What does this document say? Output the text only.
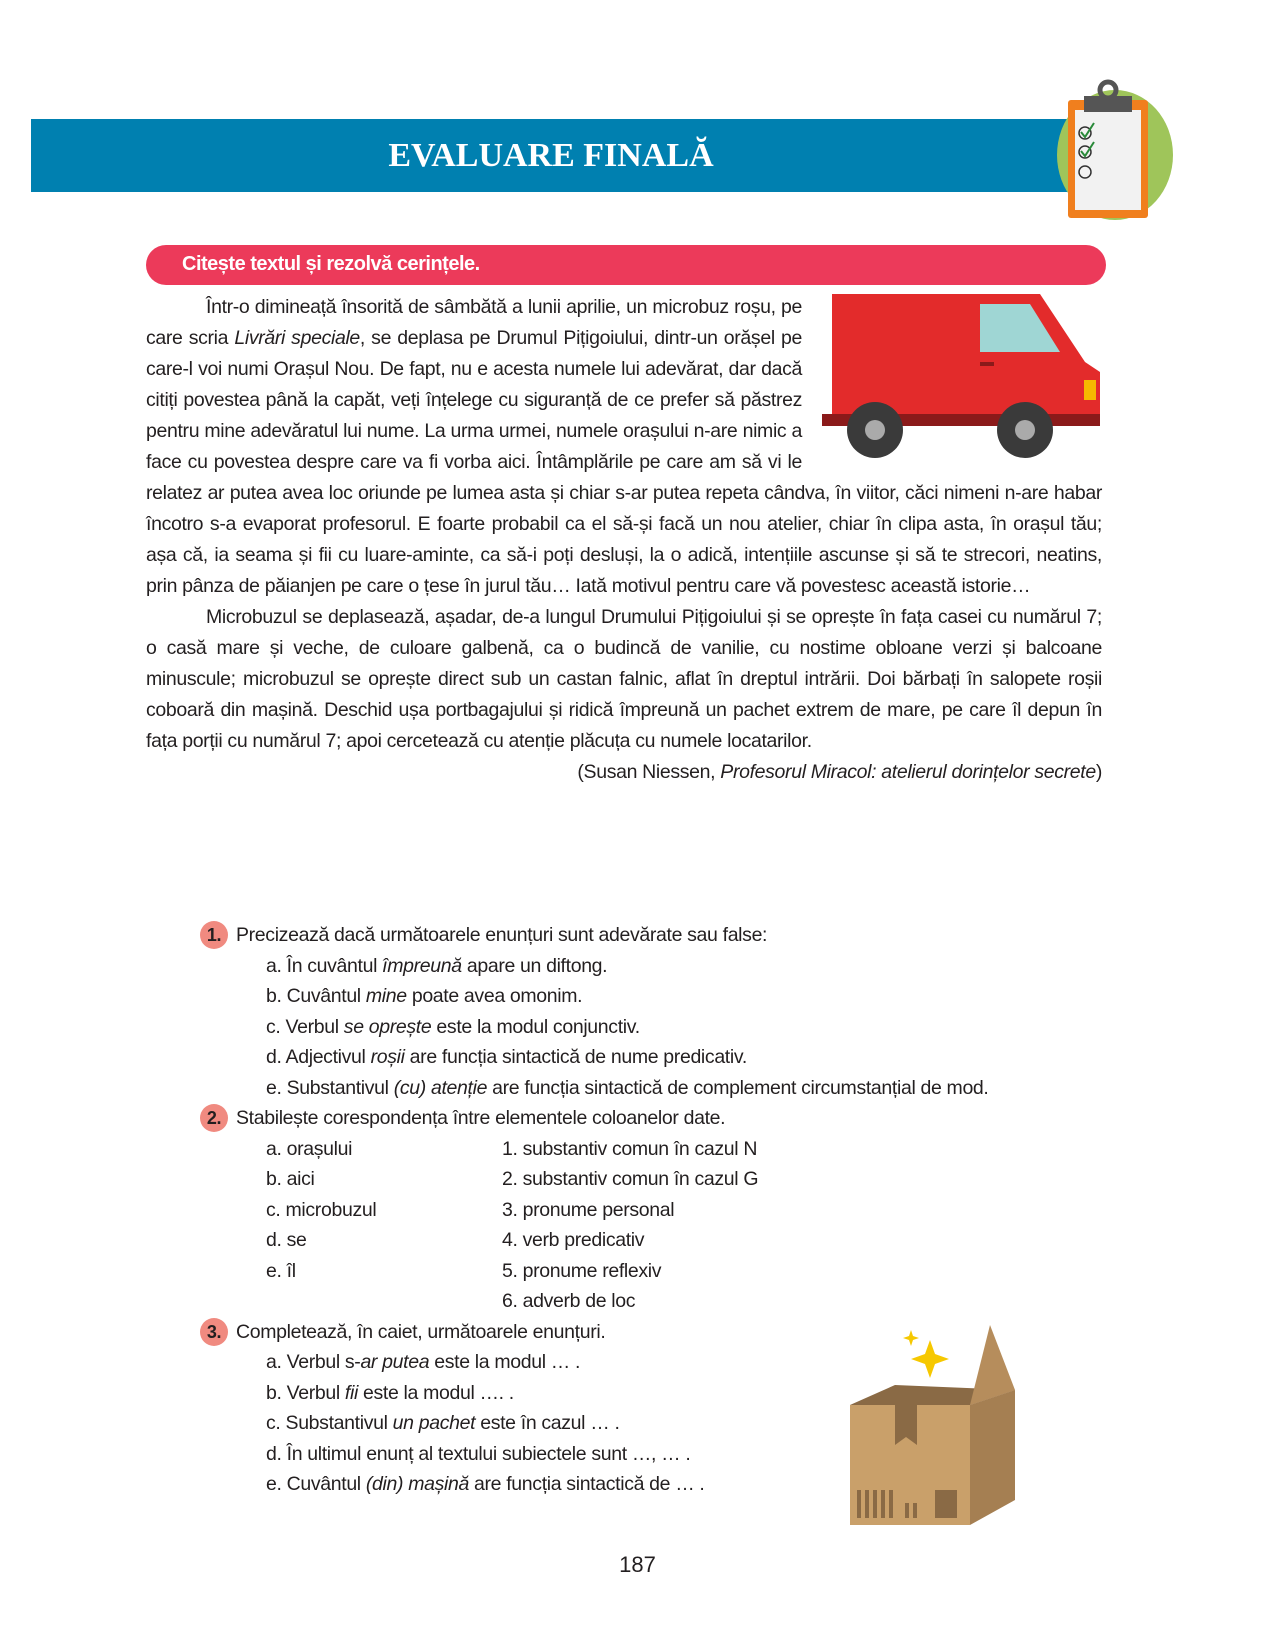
EVALUARE FINALĂ
Citește textul și rezolvă cerințele.

Într-o dimineață însorită de sâmbătă a lunii aprilie, un microbuz roșu, pe care scria Livrări speciale, se deplasa pe Drumul Pițigoiului, dintr-un orășel pe care-l voi numi Orașul Nou. De fapt, nu e acesta numele lui adevărat, dar dacă citiți povestea până la capăt, veți înțelege cu siguranță de ce prefer să păstrez pentru mine adevăratul lui nume. La urma urmei, numele orașului n-are nimic a face cu povestea despre care va fi vorba aici. Întâmplările pe care am să vi le relatez ar putea avea loc oriunde pe lumea asta și chiar s-ar putea repeta cândva, în viitor, căci nimeni n-are habar încotro s-a evaporat profesorul. E foarte probabil ca el să-și facă un nou atelier, chiar în clipa asta, în orașul tău; așa că, ia seama și fii cu luare-aminte, ca să-i poți desluși, la o adică, intențiile ascunse și să te strecori, neatins, prin pânza de păianjen pe care o țese în jurul tău… Iată motivul pentru care vă povestesc această istorie…

Microbuzul se deplasează, așadar, de-a lungul Drumului Pițigoiului și se oprește în fața casei cu numărul 7; o casă mare și veche, de culoare galbenă, ca o budincă de vanilie, cu nostime obloane verzi și balcoane minuscule; microbuzul se oprește direct sub un castan falnic, aflat în dreptul intrării. Doi bărbați în salopete roșii coboară din mașină. Deschid ușa portbagajului și ridică împreună un pachet extrem de mare, pe care îl depun în fața porții cu numărul 7; apoi cercetează cu atenție plăcuța cu numele locatarilor.

(Susan Niessen, Profesorul Miracol: atelierul dorințelor secrete)
1. Precizează dacă următoarele enunțuri sunt adevărate sau false:
a. În cuvântul împreună apare un diftong.
b. Cuvântul mine poate avea omonim.
c. Verbul se oprește este la modul conjunctiv.
d. Adjectivul roșii are funcția sintactică de nume predicativ.
e. Substantivul (cu) atenție are funcția sintactică de complement circumstanțial de mod.
2. Stabilește corespondența între elementele coloanelor date.
a. orașului	1. substantiv comun în cazul N
b. aici	2. substantiv comun în cazul G
c. microbuzul	3. pronume personal
d. se	4. verb predicativ
e. îl	5. pronume reflexiv
6. adverb de loc
3. Completează, în caiet, următoarele enunțuri.
a. Verbul s-ar putea este la modul … .
b. Verbul fii este la modul …. .
c. Substantivul un pachet este în cazul … .
d. În ultimul enunț al textului subiectele sunt …, … .
e. Cuvântul (din) mașină are funcția sintactică de … .
187
